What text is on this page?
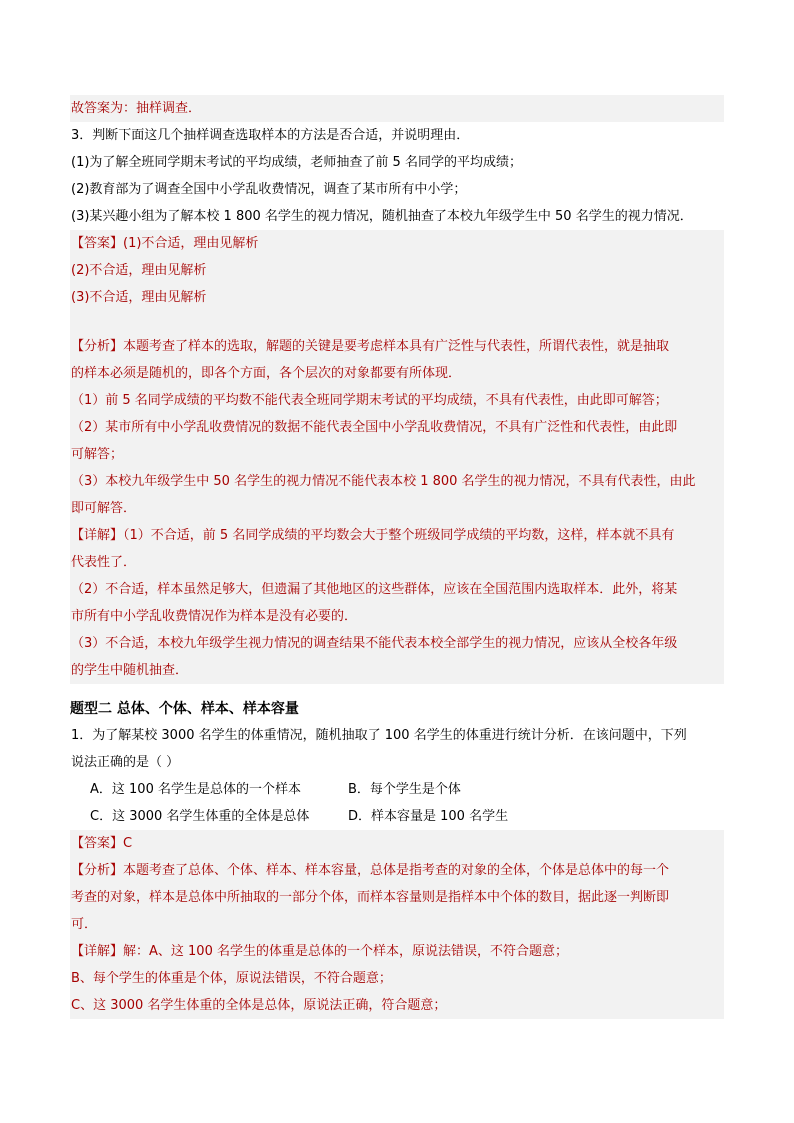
故答案为：抽样调查．
3．判断下面这几个抽样调查选取样本的方法是否合适，并说明理由．
(1)为了解全班同学期末考试的平均成绩，老师抽查了前 5 名同学的平均成绩；
(2)教育部为了调查全国中小学乱收费情况，调查了某市所有中小学；
(3)某兴趣小组为了解本校 1 800 名学生的视力情况，随机抽查了本校九年级学生中 50 名学生的视力情况．
【答案】(1)不合适，理由见解析
(2)不合适，理由见解析
(3)不合适，理由见解析
【分析】本题考查了样本的选取，解题的关键是要考虑样本具有广泛性与代表性，所谓代表性，就是抽取
的样本必须是随机的，即各个方面，各个层次的对象都要有所体现．
（1）前 5 名同学成绩的平均数不能代表全班同学期末考试的平均成绩，不具有代表性，由此即可解答；
（2）某市所有中小学乱收费情况的数据不能代表全国中小学乱收费情况，不具有广泛性和代表性，由此即
可解答；
（3）本校九年级学生中 50 名学生的视力情况不能代表本校 1 800 名学生的视力情况，不具有代表性，由此
即可解答．
【详解】（1）不合适，前 5 名同学成绩的平均数会大于整个班级同学成绩的平均数，这样，样本就不具有
代表性了．
（2）不合适，样本虽然足够大，但遗漏了其他地区的这些群体，应该在全国范围内选取样本．此外，将某
市所有中小学乱收费情况作为样本是没有必要的．
（3）不合适，本校九年级学生视力情况的调查结果不能代表本校全部学生的视力情况，应该从全校各年级
的学生中随机抽查．
题型二 总体、个体、样本、样本容量
1．为了解某校 3000 名学生的体重情况，随机抽取了 100 名学生的体重进行统计分析．在该问题中，下列
说法正确的是（ ）
A．这 100 名学生是总体的一个样本	B．每个学生是个体
C．这 3000 名学生体重的全体是总体	D．样本容量是 100 名学生
【答案】C
【分析】本题考查了总体、个体、样本、样本容量，总体是指考查的对象的全体，个体是总体中的每一个
考查的对象，样本是总体中所抽取的一部分个体，而样本容量则是指样本中个体的数目，据此逐一判断即
可．
【详解】解：A、这 100 名学生的体重是总体的一个样本，原说法错误，不符合题意；
B、每个学生的体重是个体，原说法错误，不符合题意；
C、这 3000 名学生体重的全体是总体，原说法正确，符合题意；
